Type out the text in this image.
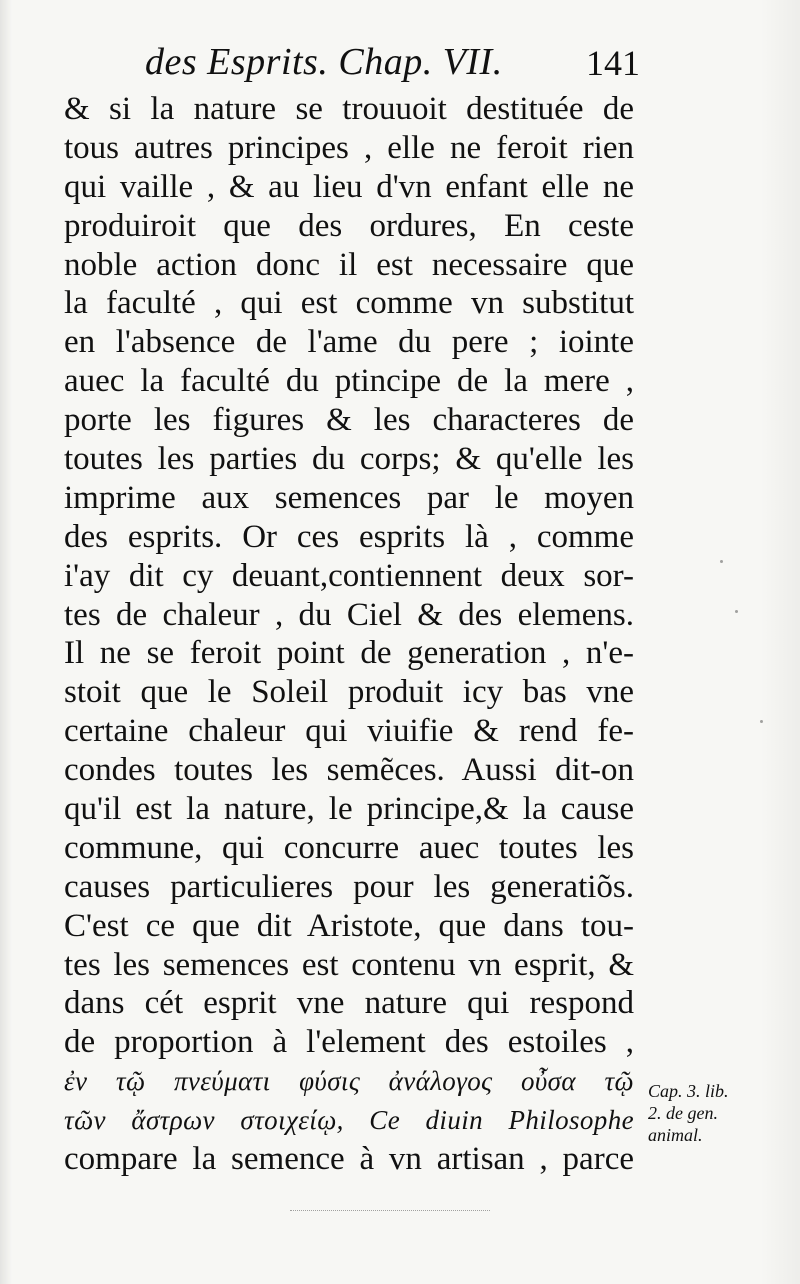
des Esprits. Chap. VII. 141
& si la nature se trouuoit destituée de
tous autres principes , elle ne feroit rien
qui vaille , & au lieu d'vn enfant elle ne
produiroit que des ordures, En ceste
noble action donc il est necessaire que
la faculté , qui est comme vn substitut
en l'absence de l'ame du pere ; iointe
auec la faculté du ptincipe de la mere ,
porte les figures & les characteres de
toutes les parties du corps; & qu'elle les
imprime aux semences par le moyen
des esprits. Or ces esprits là , comme
i'ay dit cy deuant,contiennent deux sor-
tes de chaleur , du Ciel & des elemens.
Il ne se feroit point de generation , n'e-
stoit que le Soleil produit icy bas vne
certaine chaleur qui viuifie & rend fe-
condes toutes les semẽces. Aussi dit-on
qu'il est la nature, le principe,& la cause
commune, qui concurre auec toutes les
causes particulieres pour les generatiõs.
C'est ce que dit Aristote, que dans tou-
tes les semences est contenu vn esprit, &
dans cét esprit vne nature qui respond
de proportion à l'element des estoiles ,
ἐν τῷ πνεύματι φύσις ἀνάλογος οὖσα τῷ
τῶν ἄστρων στοιχείῳ, Ce diuin Philosophe
compare la semence à vn artisan , parce
Cap. 3. lib.
2. de gen.
animal.
